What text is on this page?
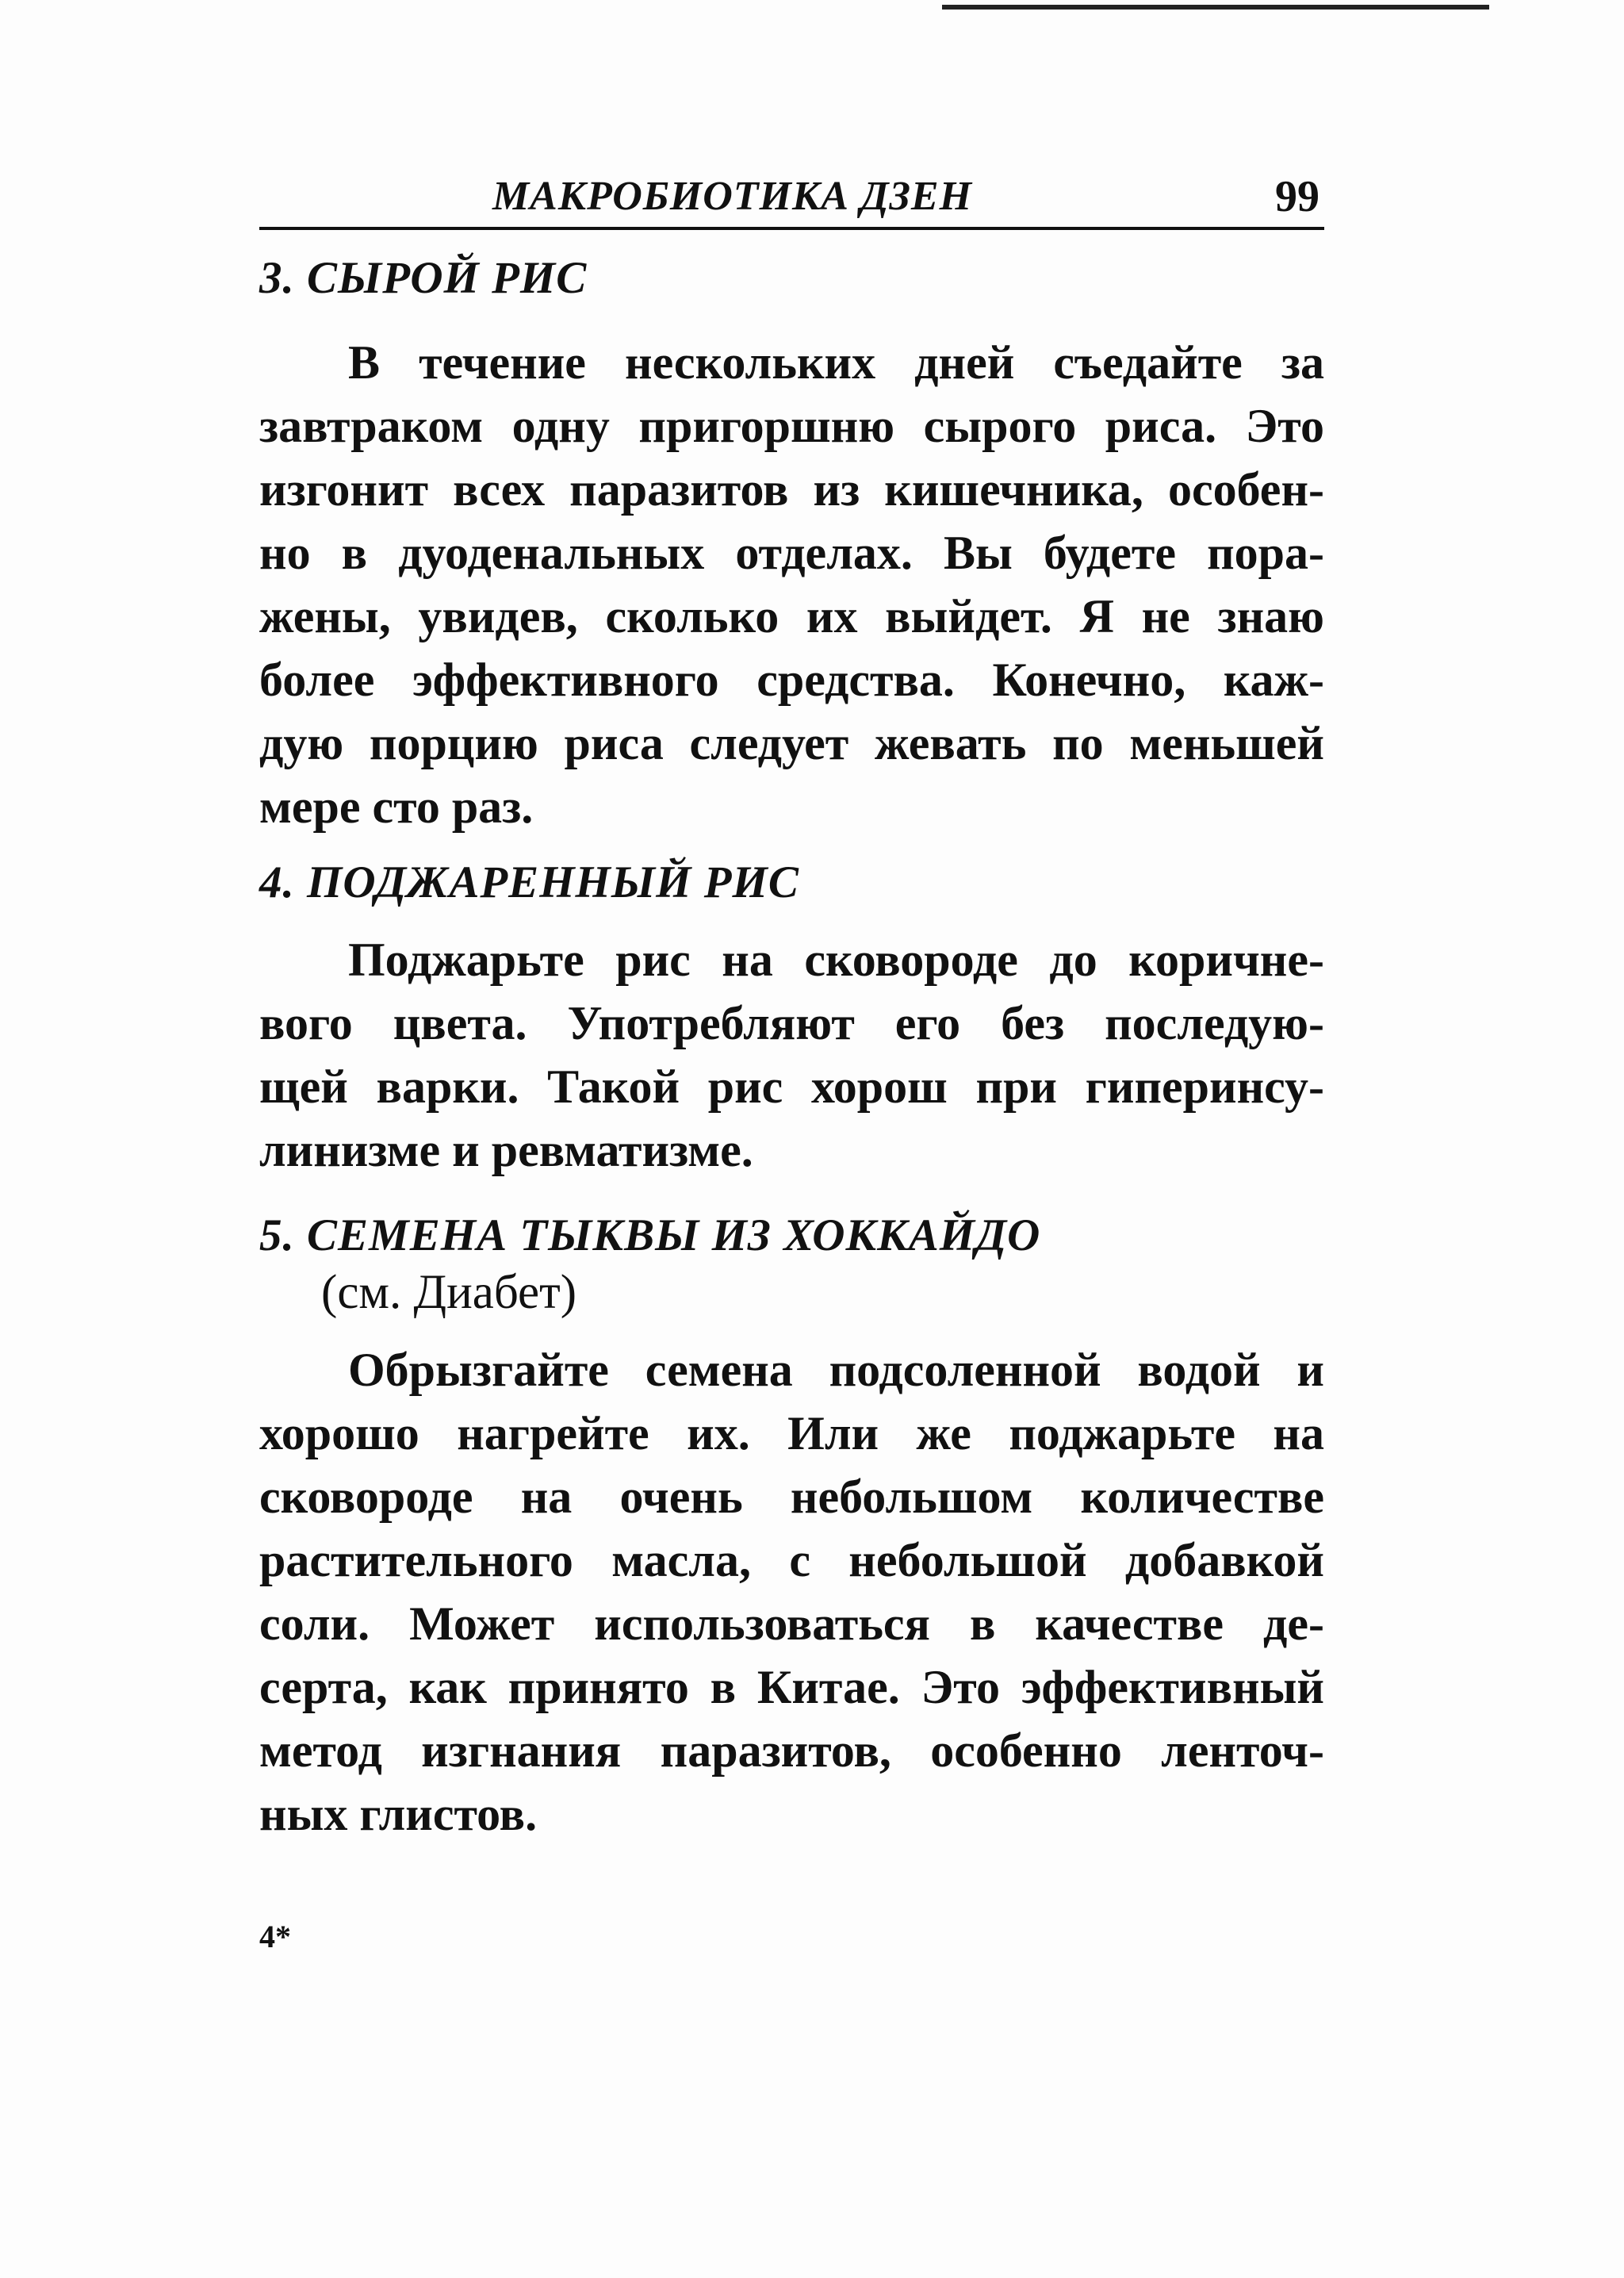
МАКРОБИОТИКА ДЗЕН	99
3. СЫРОЙ РИС
В течение нескольких дней съедайте за
завтраком одну пригоршню сырого риса. Это
изгонит всех паразитов из кишечника, особен-
но в дуоденальных отделах. Вы будете пора-
жены, увидев, сколько их выйдет. Я не знаю
более эффективного средства. Конечно, каж-
дую порцию риса следует жевать по меньшей
мере сто раз.
4. ПОДЖАРЕННЫЙ РИС
Поджарьте рис на сковороде до коричне-
вого цвета. Употребляют его без последую-
щей варки. Такой рис хорош при гиперинсу-
линизме и ревматизме.
5. СЕМЕНА ТЫКВЫ ИЗ ХОККАЙДО
(см. Диабет)
Обрызгайте семена подсоленной водой и
хорошо нагрейте их. Или же поджарьте на
сковороде на очень небольшом количестве
растительного масла, с небольшой добавкой
соли. Может использоваться в качестве де-
серта, как принято в Китае. Это эффективный
метод изгнания паразитов, особенно ленточ-
ных глистов.
4*
